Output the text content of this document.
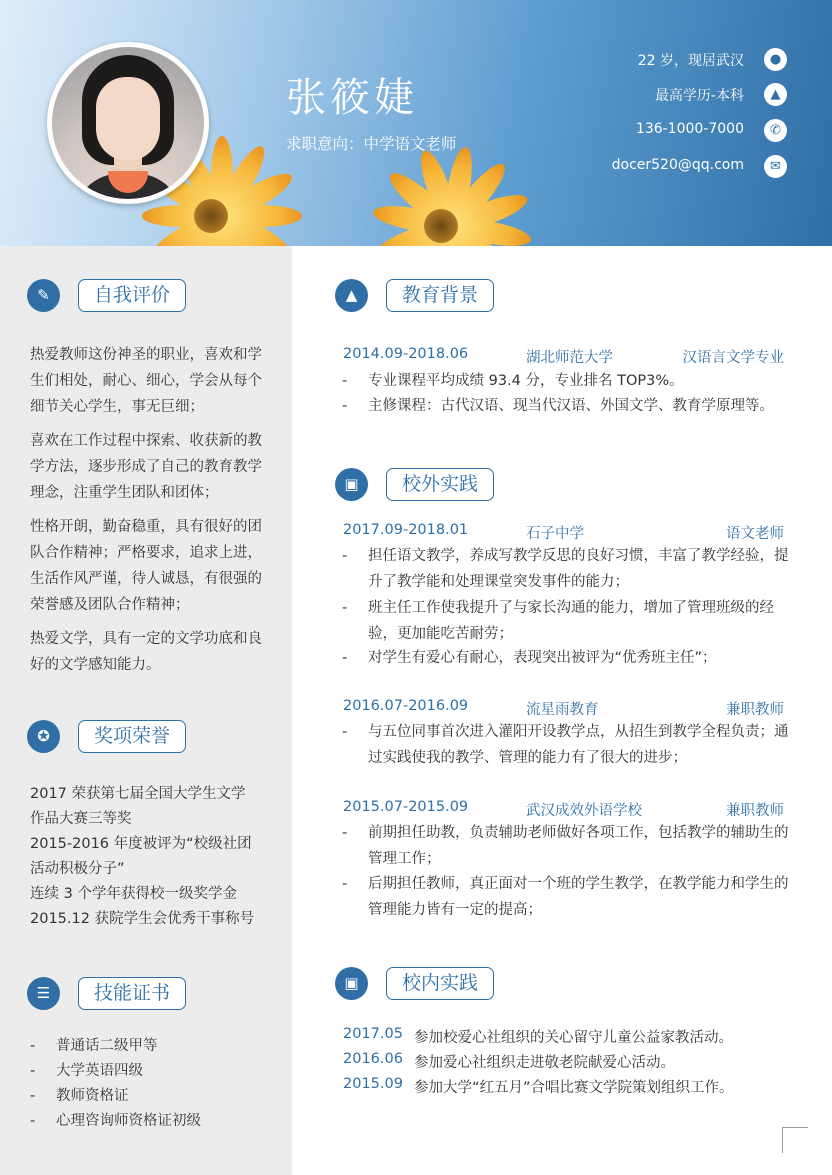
张筱婕
求职意向：中学语文老师
22 岁，现居武汉	●
最高学历-本科	▲
136-1000-7000	✆
docer520@qq.com	✉
✎	自我评价
热爱教师这份神圣的职业，喜欢和学生们相处，耐心、细心，学会从每个细节关心学生，事无巨细；
喜欢在工作过程中探索、收获新的教学方法，逐步形成了自己的教育教学理念，注重学生团队和团体；
性格开朗，勤奋稳重，具有很好的团队合作精神；严格要求，追求上进，生活作风严谨，待人诚恳，有很强的荣誉感及团队合作精神；
热爱文学，具有一定的文学功底和良好的文学感知能力。
✪	奖项荣誉
2017 荣获第七届全国大学生文学
作品大赛三等奖
2015-2016 年度被评为“校级社团
活动积极分子”
连续 3 个学年获得校一级奖学金
2015.12 获院学生会优秀干事称号
☰	技能证书
- 普通话二级甲等
- 大学英语四级
- 教师资格证
- 心理咨询师资格证初级
▲	教育背景
2014.09-2018.06	湖北师范大学	汉语言文学专业
-	专业课程平均成绩 93.4 分，专业排名 TOP3%。
-	主修课程：古代汉语、现当代汉语、外国文学、教育学原理等。
▣	校外实践
2017.09-2018.01	石子中学	语文老师
-	担任语文教学，养成写教学反思的良好习惯，丰富了教学经验，提升了教学能和处理课堂突发事件的能力；
-	班主任工作使我提升了与家长沟通的能力，增加了管理班级的经验，更加能吃苦耐劳；
-	对学生有爱心有耐心，表现突出被评为“优秀班主任”；
2016.07-2016.09	流星雨教育	兼职教师
-	与五位同事首次进入灌阳开设教学点，从招生到教学全程负责；通过实践使我的教学、管理的能力有了很大的进步；
2015.07-2015.09	武汉成效外语学校	兼职教师
-	前期担任助教，负责辅助老师做好各项工作，包括教学的辅助生的管理工作；
-	后期担任教师，真正面对一个班的学生教学，在教学能力和学生的管理能力皆有一定的提高；
▣	校内实践
2017.05 参加校爱心社组织的关心留守儿童公益家教活动。
2016.06 参加爱心社组织走进敬老院献爱心活动。
2015.09 参加大学“红五月”合唱比赛文学院策划组织工作。
